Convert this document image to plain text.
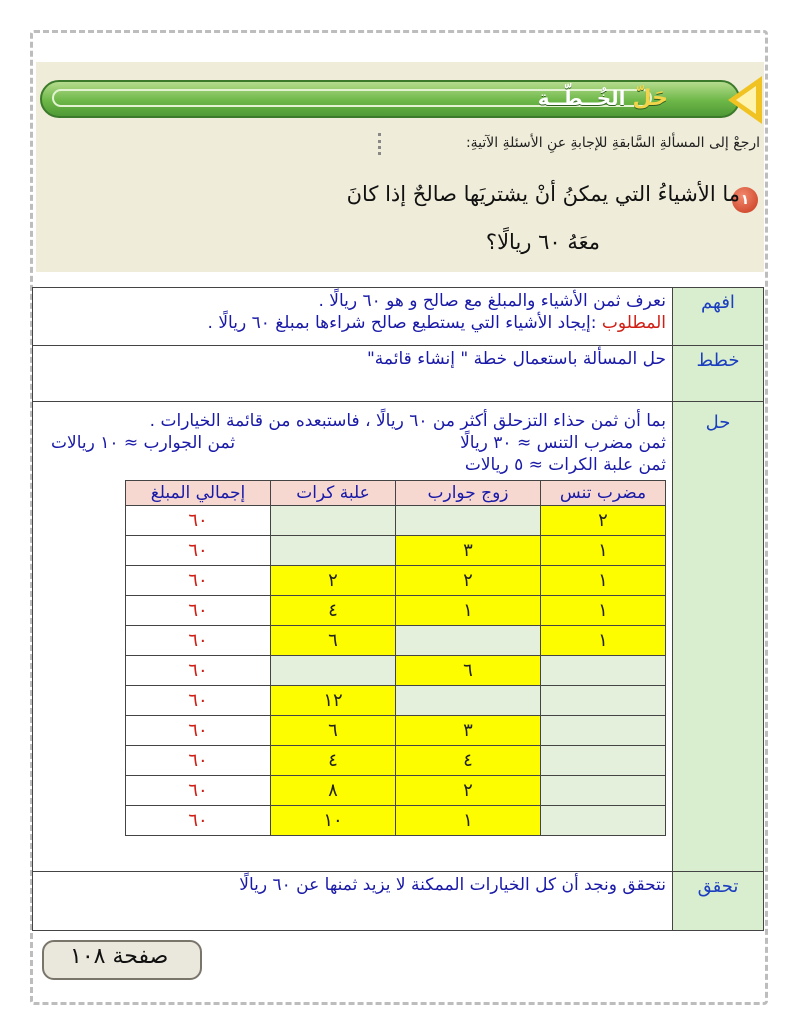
حَلّ الخُــطّــة
ارجعْ إلى المسألةِ السَّابقةِ للإجابةِ عنِ الأسئلةِ الآتيةِ:
١
ما الأشياءُ التي يمكنُ أنْ يشتريَها صالحٌ إذا كانَ
معَهُ ٦٠ ريالًا؟
افهم	
نعرف ثمن الأشياء والمبلغ مع صالح و هو ٦٠ ريالًا .
المطلوب :إيجاد الأشياء التي يستطيع صالح شراءها بمبلغ ٦٠ ريالًا .

خطط	
حل المسألة باستعمال خطة " إنشاء قائمة"

حل	
بما أن ثمن حذاء التزحلق أكثر من ٦٠ ريالًا ، فاستبعده من قائمة الخيارات .
ثمن مضرب التنس ≈ ٣٠ ريالًا
ثمن الجوارب ≈ ١٠ ريالات
ثمن علبة الكرات ≈ ٥ ريالات
مضرب تنس	زوج جوارب	علبة كرات	إجمالي المبلغ
٢			٦٠
١	٣		٦٠
١	٢	٢	٦٠
١	١	٤	٦٠
١		٦	٦٠
	٦		٦٠
		١٢	٦٠
	٣	٦	٦٠
	٤	٤	٦٠
	٢	٨	٦٠
	١	١٠	٦٠

تحقق	
نتحقق ونجد أن كل الخيارات الممكنة لا يزيد ثمنها عن ٦٠ ريالًا
صفحة ١٠٨
